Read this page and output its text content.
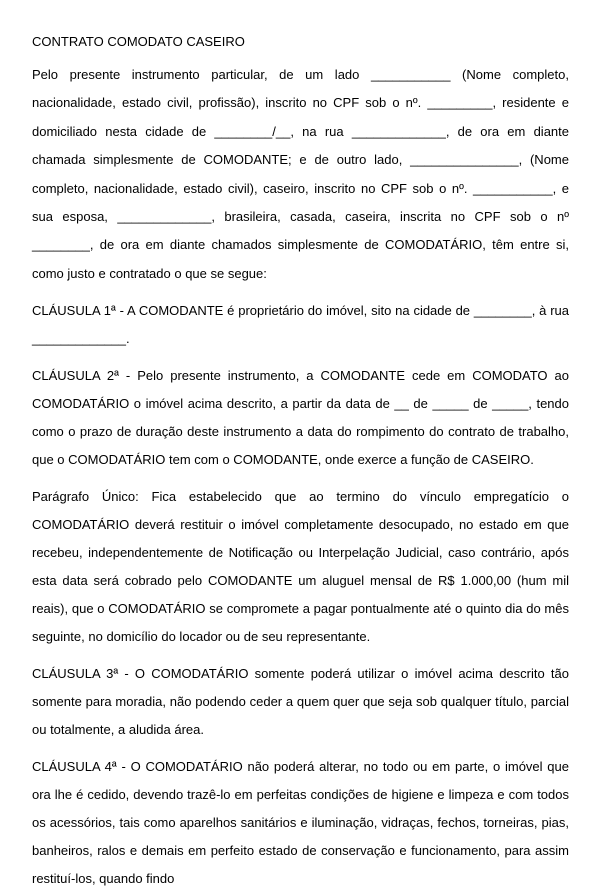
CONTRATO COMODATO CASEIRO

Pelo presente instrumento particular, de um lado ___________ (Nome completo, nacionalidade, estado civil, profissão), inscrito no CPF sob o nº. _________, residente e domiciliado nesta cidade de ________/__, na rua _____________, de ora em diante chamada simplesmente de COMODANTE; e de outro lado, _______________, (Nome completo, nacionalidade, estado civil), caseiro, inscrito no CPF sob o nº. ___________, e sua esposa, _____________, brasileira, casada, caseira, inscrita no CPF sob o nº ________, de ora em diante chamados simplesmente de COMODATÁRIO, têm entre si, como justo e contratado o que se segue:

CLÁUSULA 1ª - A COMODANTE é proprietário do imóvel, sito na cidade de ________, à rua _____________.

CLÁUSULA 2ª - Pelo presente instrumento, a COMODANTE cede em COMODATO ao COMODATÁRIO o imóvel acima descrito, a partir da data de __ de _____ de _____, tendo como o prazo de duração deste instrumento a data do rompimento do contrato de trabalho, que o COMODATÁRIO tem com o COMODANTE, onde exerce a função de CASEIRO.

Parágrafo Único: Fica estabelecido que ao termino do vínculo empregatício o COMODATÁRIO deverá restituir o imóvel completamente desocupado, no estado em que recebeu, independentemente de Notificação ou Interpelação Judicial, caso contrário, após esta data será cobrado pelo COMODANTE um aluguel mensal de R$ 1.000,00 (hum mil reais), que o COMODATÁRIO se compromete a pagar pontualmente até o quinto dia do mês seguinte, no domicílio do locador ou de seu representante.

CLÁUSULA 3ª - O COMODATÁRIO somente poderá utilizar o imóvel acima descrito tão somente para moradia, não podendo ceder a quem quer que seja sob qualquer título, parcial ou totalmente, a aludida área.

CLÁUSULA 4ª - O COMODATÁRIO não poderá alterar, no todo ou em parte, o imóvel que ora lhe é cedido, devendo trazê-lo em perfeitas condições de higiene e limpeza e com todos os acessórios, tais como aparelhos sanitários e iluminação, vidraças, fechos, torneiras, pias, banheiros, ralos e demais em perfeito estado de conservação e funcionamento, para assim restituí-los, quando findo
